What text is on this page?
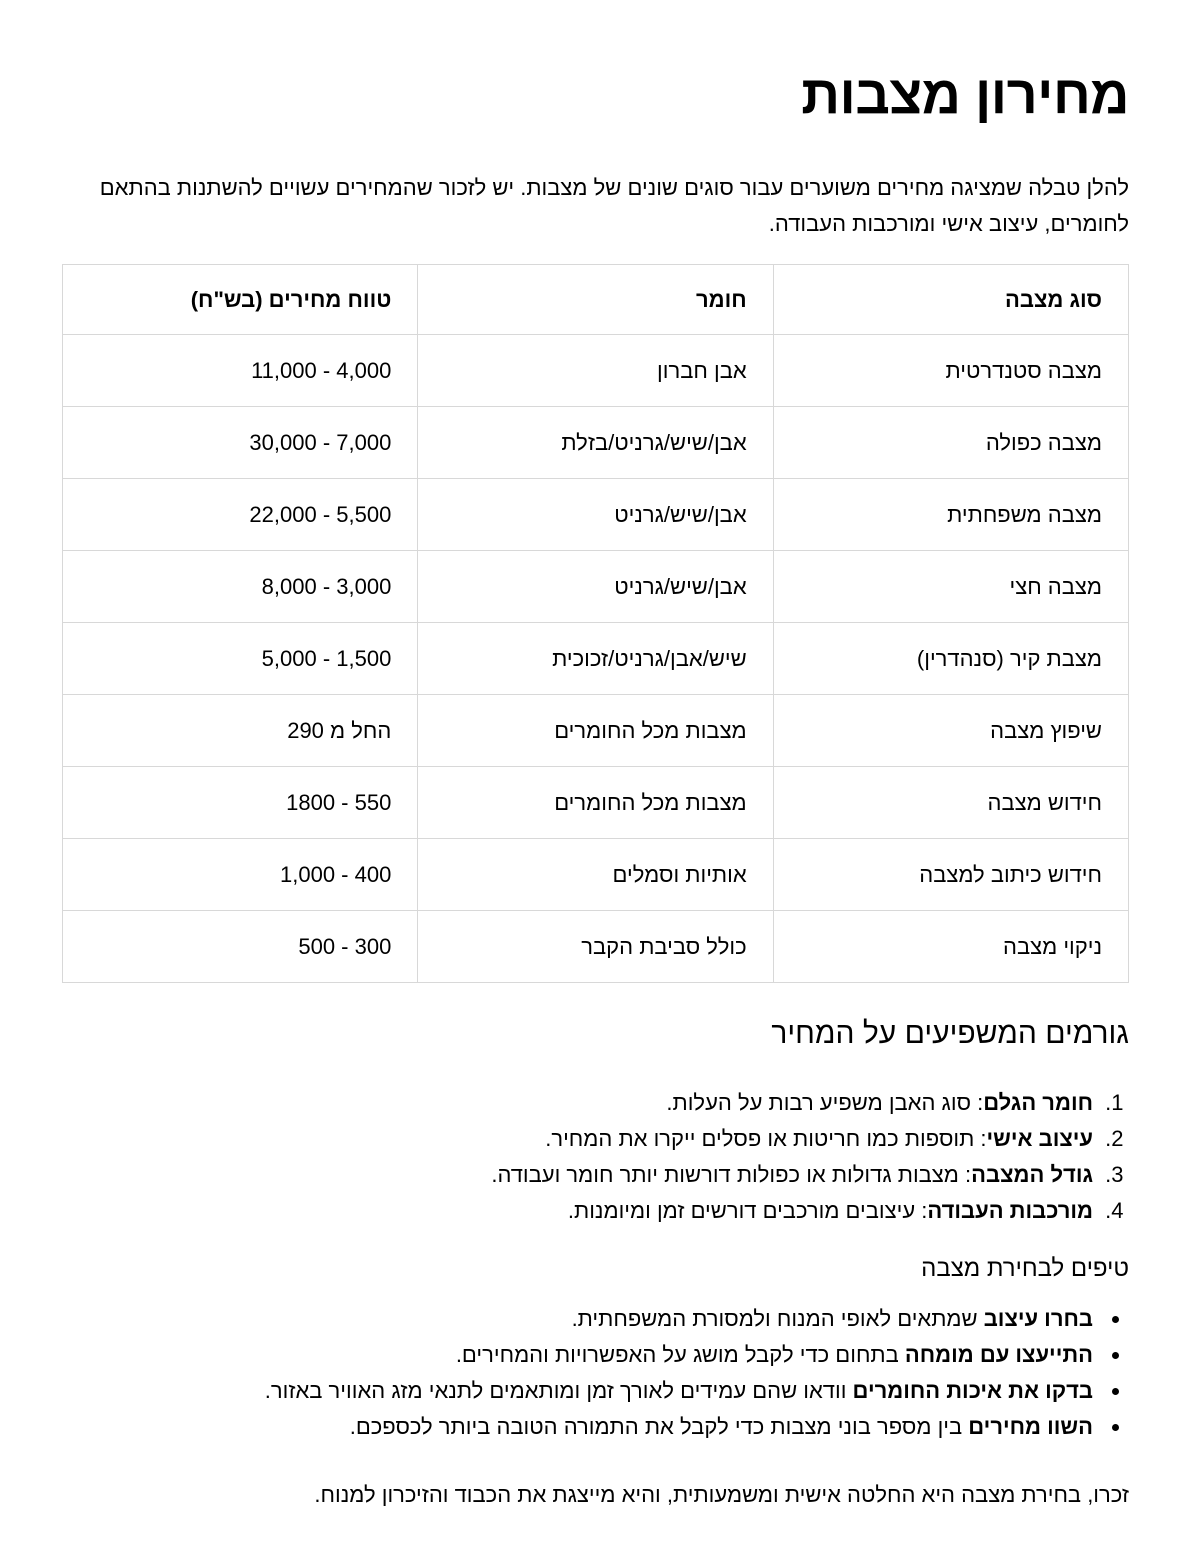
מחירון מצבות

להלן טבלה שמציגה מחירים משוערים עבור סוגים שונים של מצבות. יש לזכור שהמחירים עשויים להשתנות בהתאם לחומרים, עיצוב אישי ומורכבות העבודה.

סוג מצבה	חומר	טווח מחירים (בש"ח)
מצבה סטנדרטית	אבן חברון	4,000 - 11,000
מצבה כפולה	אבן/שיש/גרניט/בזלת	7,000 - 30,000
מצבה משפחתית	אבן/שיש/גרניט	5,500 - 22,000
מצבה חצי	אבן/שיש/גרניט	3,000 - 8,000
מצבת קיר (סנהדרין)	שיש/אבן/גרניט/זכוכית	1,500 - 5,000
שיפוץ מצבה	מצבות מכל החומרים	החל מ 290
חידוש מצבה	מצבות מכל החומרים	550 - 1800
חידוש כיתוב למצבה	אותיות וסמלים	400 - 1,000
ניקוי מצבה	כולל סביבת הקבר	300 - 500
גורמים המשפיעים על המחיר
1. חומר הגלם: סוג האבן משפיע רבות על העלות.
2. עיצוב אישי: תוספות כמו חריטות או פסלים ייקרו את המחיר.
3. גודל המצבה: מצבות גדולות או כפולות דורשות יותר חומר ועבודה.
4. מורכבות העבודה: עיצובים מורכבים דורשים זמן ומיומנות.
טיפים לבחירת מצבה
• בחרו עיצוב שמתאים לאופי המנוח ולמסורת המשפחתית.
• התייעצו עם מומחה בתחום כדי לקבל מושג על האפשרויות והמחירים.
• בדקו את איכות החומרים וודאו שהם עמידים לאורך זמן ומותאמים לתנאי מזג האוויר באזור.
• השוו מחירים בין מספר בוני מצבות כדי לקבל את התמורה הטובה ביותר לכספכם.

זכרו, בחירת מצבה היא החלטה אישית ומשמעותית, והיא מייצגת את הכבוד והזיכרון למנוח.
